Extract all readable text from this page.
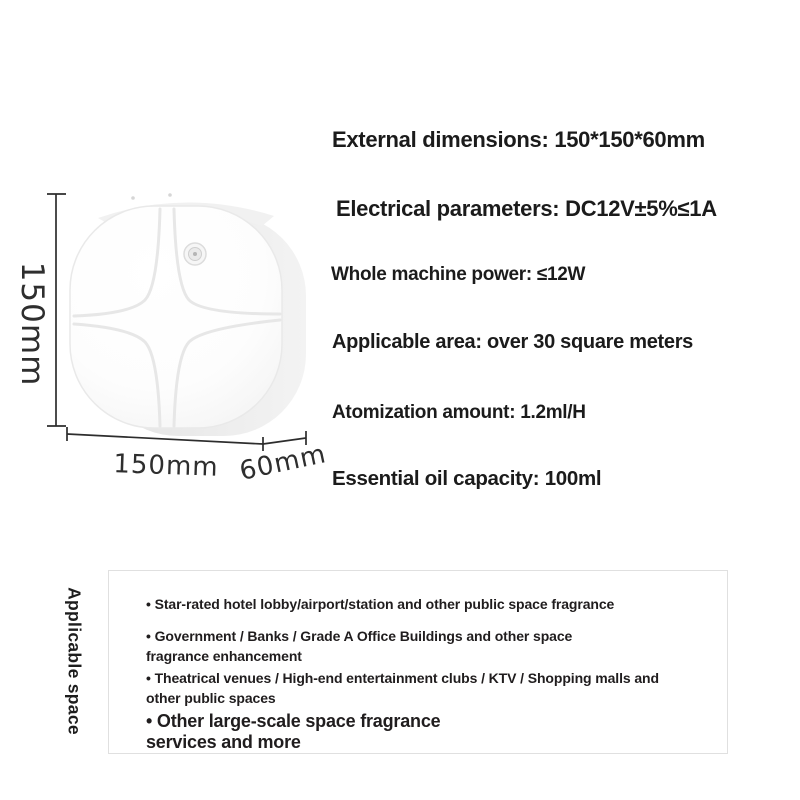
150mm
150mm 60mm
External dimensions: 150*150*60mm
Electrical parameters: DC12V±5%≤1A
Whole machine power: ≤12W
Applicable area: over 30 square meters
Atomization amount: 1.2ml/H
Essential oil capacity: 100ml
Applicable space	• Star-rated hotel lobby/airport/station and other public space fragrance

• Government / Banks / Grade A Office Buildings and other space
fragrance enhancement

• Theatrical venues / High-end entertainment clubs / KTV / Shopping malls and
other public spaces

• Other large-scale space fragrance
services and more
